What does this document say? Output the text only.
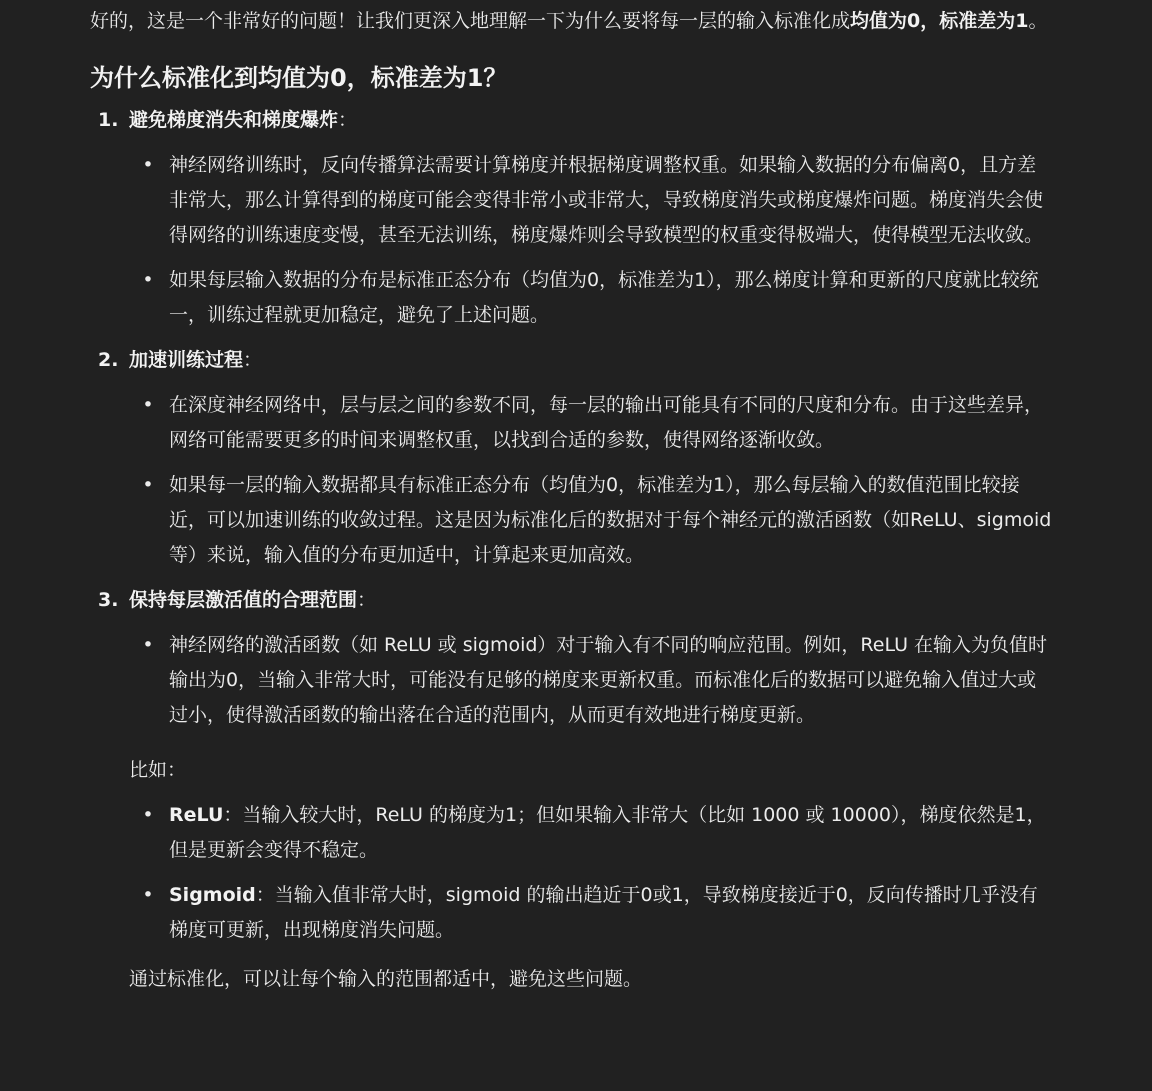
好的，这是一个非常好的问题！让我们更深入地理解一下为什么要将每一层的输入标准化成均值为0，标准差为1。

为什么标准化到均值为0，标准差为1？
1. 避免梯度消失和梯度爆炸：
• 神经网络训练时，反向传播算法需要计算梯度并根据梯度调整权重。如果输入数据的分布偏离0，且方差非常大，那么计算得到的梯度可能会变得非常小或非常大，导致梯度消失或梯度爆炸问题。梯度消失会使得网络的训练速度变慢，甚至无法训练，梯度爆炸则会导致模型的权重变得极端大，使得模型无法收敛。
• 如果每层输入数据的分布是标准正态分布（均值为0，标准差为1），那么梯度计算和更新的尺度就比较统一，训练过程就更加稳定，避免了上述问题。
2. 加速训练过程：
• 在深度神经网络中，层与层之间的参数不同，每一层的输出可能具有不同的尺度和分布。由于这些差异，网络可能需要更多的时间来调整权重，以找到合适的参数，使得网络逐渐收敛。
• 如果每一层的输入数据都具有标准正态分布（均值为0，标准差为1），那么每层输入的数值范围比较接近，可以加速训练的收敛过程。这是因为标准化后的数据对于每个神经元的激活函数（如ReLU、sigmoid等）来说，输入值的分布更加适中，计算起来更加高效。
3. 保持每层激活值的合理范围：
• 神经网络的激活函数（如 ReLU 或 sigmoid）对于输入有不同的响应范围。例如，ReLU 在输入为负值时输出为0，当输入非常大时，可能没有足够的梯度来更新权重。而标准化后的数据可以避免输入值过大或过小，使得激活函数的输出落在合适的范围内，从而更有效地进行梯度更新。

比如：

• ReLU：当输入较大时，ReLU 的梯度为1；但如果输入非常大（比如 1000 或 10000），梯度依然是1，但是更新会变得不稳定。
• Sigmoid：当输入值非常大时，sigmoid 的输出趋近于0或1，导致梯度接近于0，反向传播时几乎没有梯度可更新，出现梯度消失问题。

通过标准化，可以让每个输入的范围都适中，避免这些问题。
